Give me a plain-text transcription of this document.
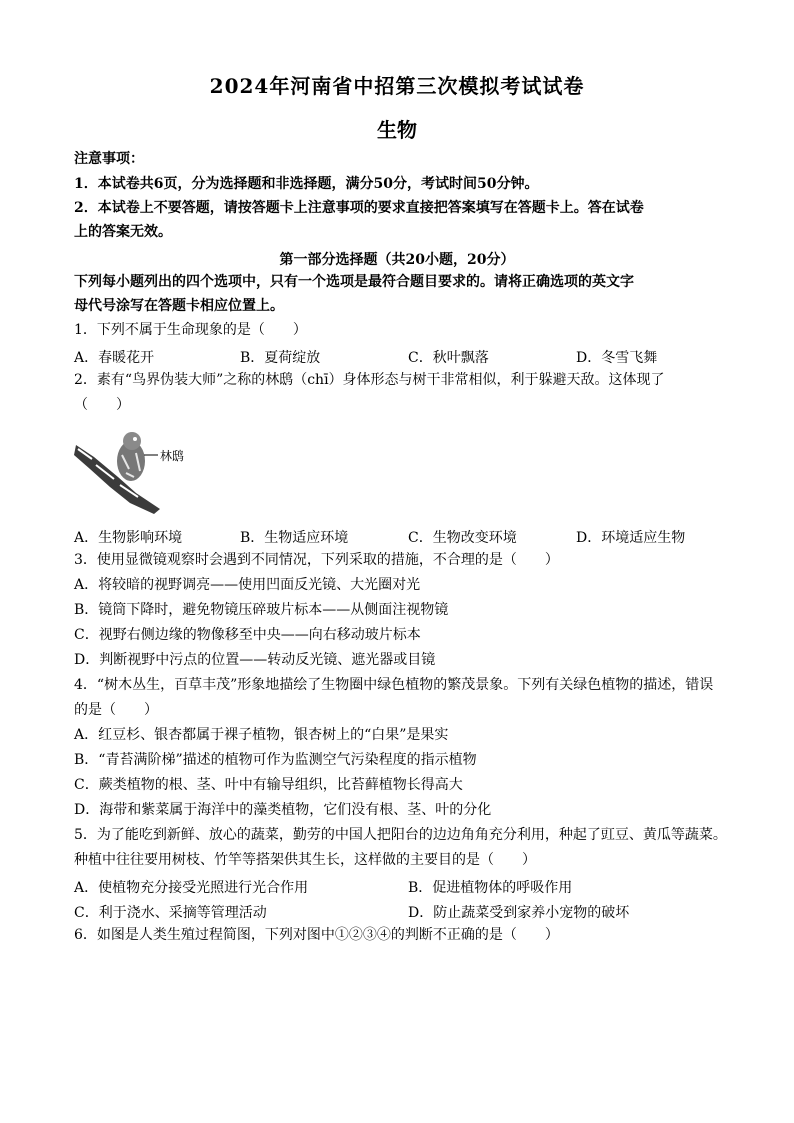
2024年河南省中招第三次模拟考试试卷
生物
注意事项：
1．本试卷共6页，分为选择题和非选择题，满分50分，考试时间50分钟。
2．本试卷上不要答题，请按答题卡上注意事项的要求直接把答案填写在答题卡上。答在试卷
上的答案无效。
第一部分选择题（共20小题，20分）
下列每小题列出的四个选项中，只有一个选项是最符合题目要求的。请将正确选项的英文字
母代号涂写在答题卡相应位置上。
1．下列不属于生命现象的是（　　）
A．春暖花开	B．夏荷绽放	C．秋叶飘落	D．冬雪飞舞
2．素有“鸟界伪装大师”之称的林鸱（chī）身体形态与树干非常相似，利于躲避天敌。这体现了
（　　）
林鸱
A．生物影响环境	B．生物适应环境	C．生物改变环境	D．环境适应生物
3．使用显微镜观察时会遇到不同情况，下列采取的措施，不合理的是（　　）
A．将较暗的视野调亮——使用凹面反光镜、大光圈对光
B．镜筒下降时，避免物镜压碎玻片标本——从侧面注视物镜
C．视野右侧边缘的物像移至中央——向右移动玻片标本
D．判断视野中污点的位置——转动反光镜、遮光器或目镜
4．“树木丛生，百草丰茂”形象地描绘了生物圈中绿色植物的繁茂景象。下列有关绿色植物的描述，错误
的是（　　）
A．红豆杉、银杏都属于裸子植物，银杏树上的“白果”是果实
B．“青苔满阶梯”描述的植物可作为监测空气污染程度的指示植物
C．蕨类植物的根、茎、叶中有输导组织，比苔藓植物长得高大
D．海带和紫菜属于海洋中的藻类植物，它们没有根、茎、叶的分化
5．为了能吃到新鲜、放心的蔬菜，勤劳的中国人把阳台的边边角角充分利用，种起了豇豆、黄瓜等蔬菜。
种植中往往要用树枝、竹竿等搭架供其生长，这样做的主要目的是（　　）
A．使植物充分接受光照进行光合作用	B．促进植物体的呼吸作用
C．利于浇水、采摘等管理活动	D．防止蔬菜受到家养小宠物的破坏
6．如图是人类生殖过程简图，下列对图中①②③④的判断不正确的是（　　）
